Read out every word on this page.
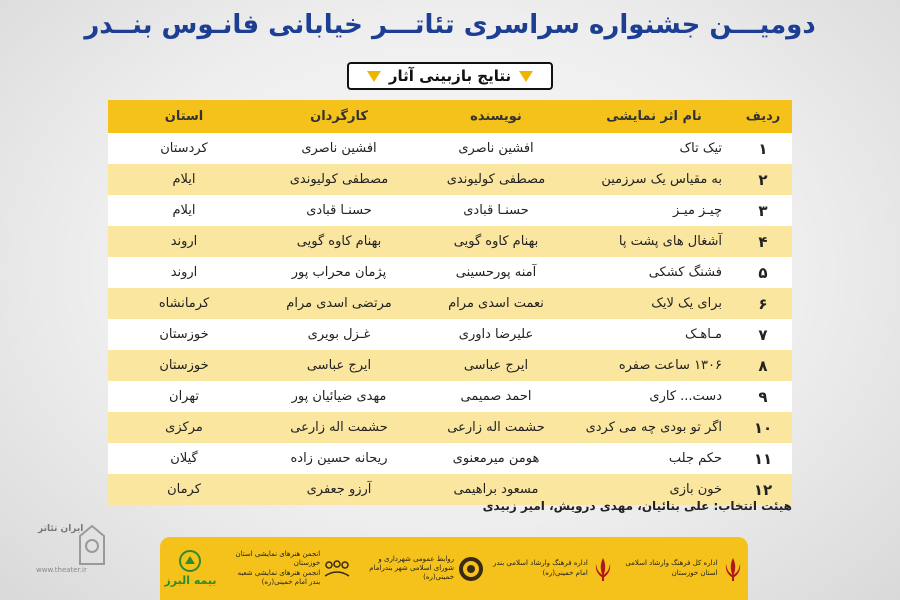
دومیـــن جشنواره سراسری تئاتـــر خیابانی فانـوس بنــدر
نتایج بازبینی آثار
ردیف	نام اثر نمایشی	نویسنده	کارگردان	استان
۱	تیک تاک	افشین ناصری	افشین ناصری	کردستان
۲	به مقیاس یک سرزمین	مصطفی کولیوندی	مصطفی کولیوندی	ایلام
۳	چیـز میـز	حسنـا قبادی	حسنـا قبادی	ایلام
۴	آشغال های پشت پا	بهنام کاوه گویی	بهنام کاوه گویی	اروند
۵	فشنگ کشکی	آمنه پورحسینی	پژمان محراب پور	اروند
۶	برای یک لایک	نعمت اسدی مرام	مرتضی اسدی مرام	کرمانشاه
۷	مـاهـک	علیرضا داوری	غـزل بویری	خوزستان
۸	۱۳۰۶ ساعت صفره	ایرج عباسی	ایرج عباسی	خوزستان
۹	دست... کاری	احمد صمیمی	مهدی ضیائیان پور	تهران
۱۰	اگر تو بودی چه می کردی	حشمت اله زارعی	حشمت اله زارعی	مرکزی
۱۱	حکم جلب	هومن میرمعنوی	ریحانه حسین زاده	گیلان
۱۲	خون بازی	مسعود براهیمی	آرزو جعفری	کرمان
هیئت انتخاب: علی بنائیان، مهدی درویش، امیر زبیدی
اداره کل فرهنگ وارشاد اسلامی استان خوزستان
اداره فرهنگ وارشاد اسلامی بندر امام خمینی(ره)
روابط عمومی شهرداری و شورای اسلامی شهر بندرامام خمینی(ره)
انجمن هنرهای نمایشی استان خوزستان
انجمن هنرهای نمایشی شعبه بندر امام خمینی(ره)
بیمه البرز
ایران تئاتر
www.theater.ir
